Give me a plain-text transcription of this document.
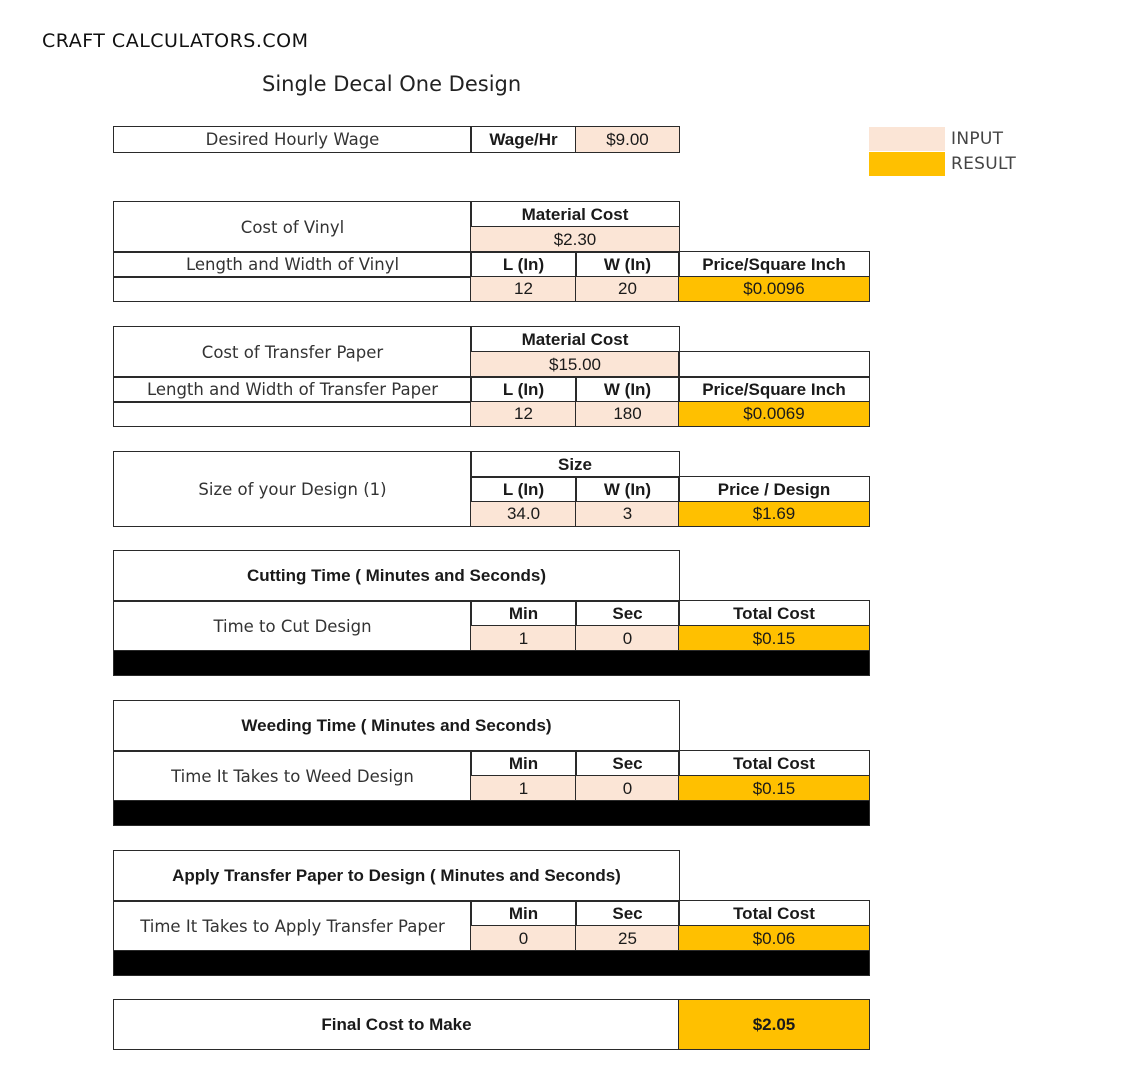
CRAFT CALCULATORS.COM
Single Decal One Design
INPUT
RESULT
Desired Hourly Wage	Wage/Hr	$9.00
Cost of Vinyl
Material Cost
$2.30
Length and Width of Vinyl	L (In)	W (In)	Price/Square Inch
12	20	$0.0096
Cost of Transfer Paper
Material Cost
$15.00
Length and Width of Transfer Paper	L (In)	W (In)	Price/Square Inch
12	180	$0.0069
Size of your Design (1)
Size
L (In)	W (In)	Price / Design
34.0	3	$1.69
Cutting Time ( Minutes and Seconds)
Time to Cut Design
Min	Sec	Total Cost
1	0	$0.15
Weeding Time ( Minutes and Seconds)
Time It Takes to Weed Design
Min	Sec	Total Cost
1	0	$0.15
Apply Transfer Paper to Design ( Minutes and Seconds)
Time It Takes to Apply Transfer Paper
Min	Sec	Total Cost
0	25	$0.06
Final Cost to Make	$2.05
